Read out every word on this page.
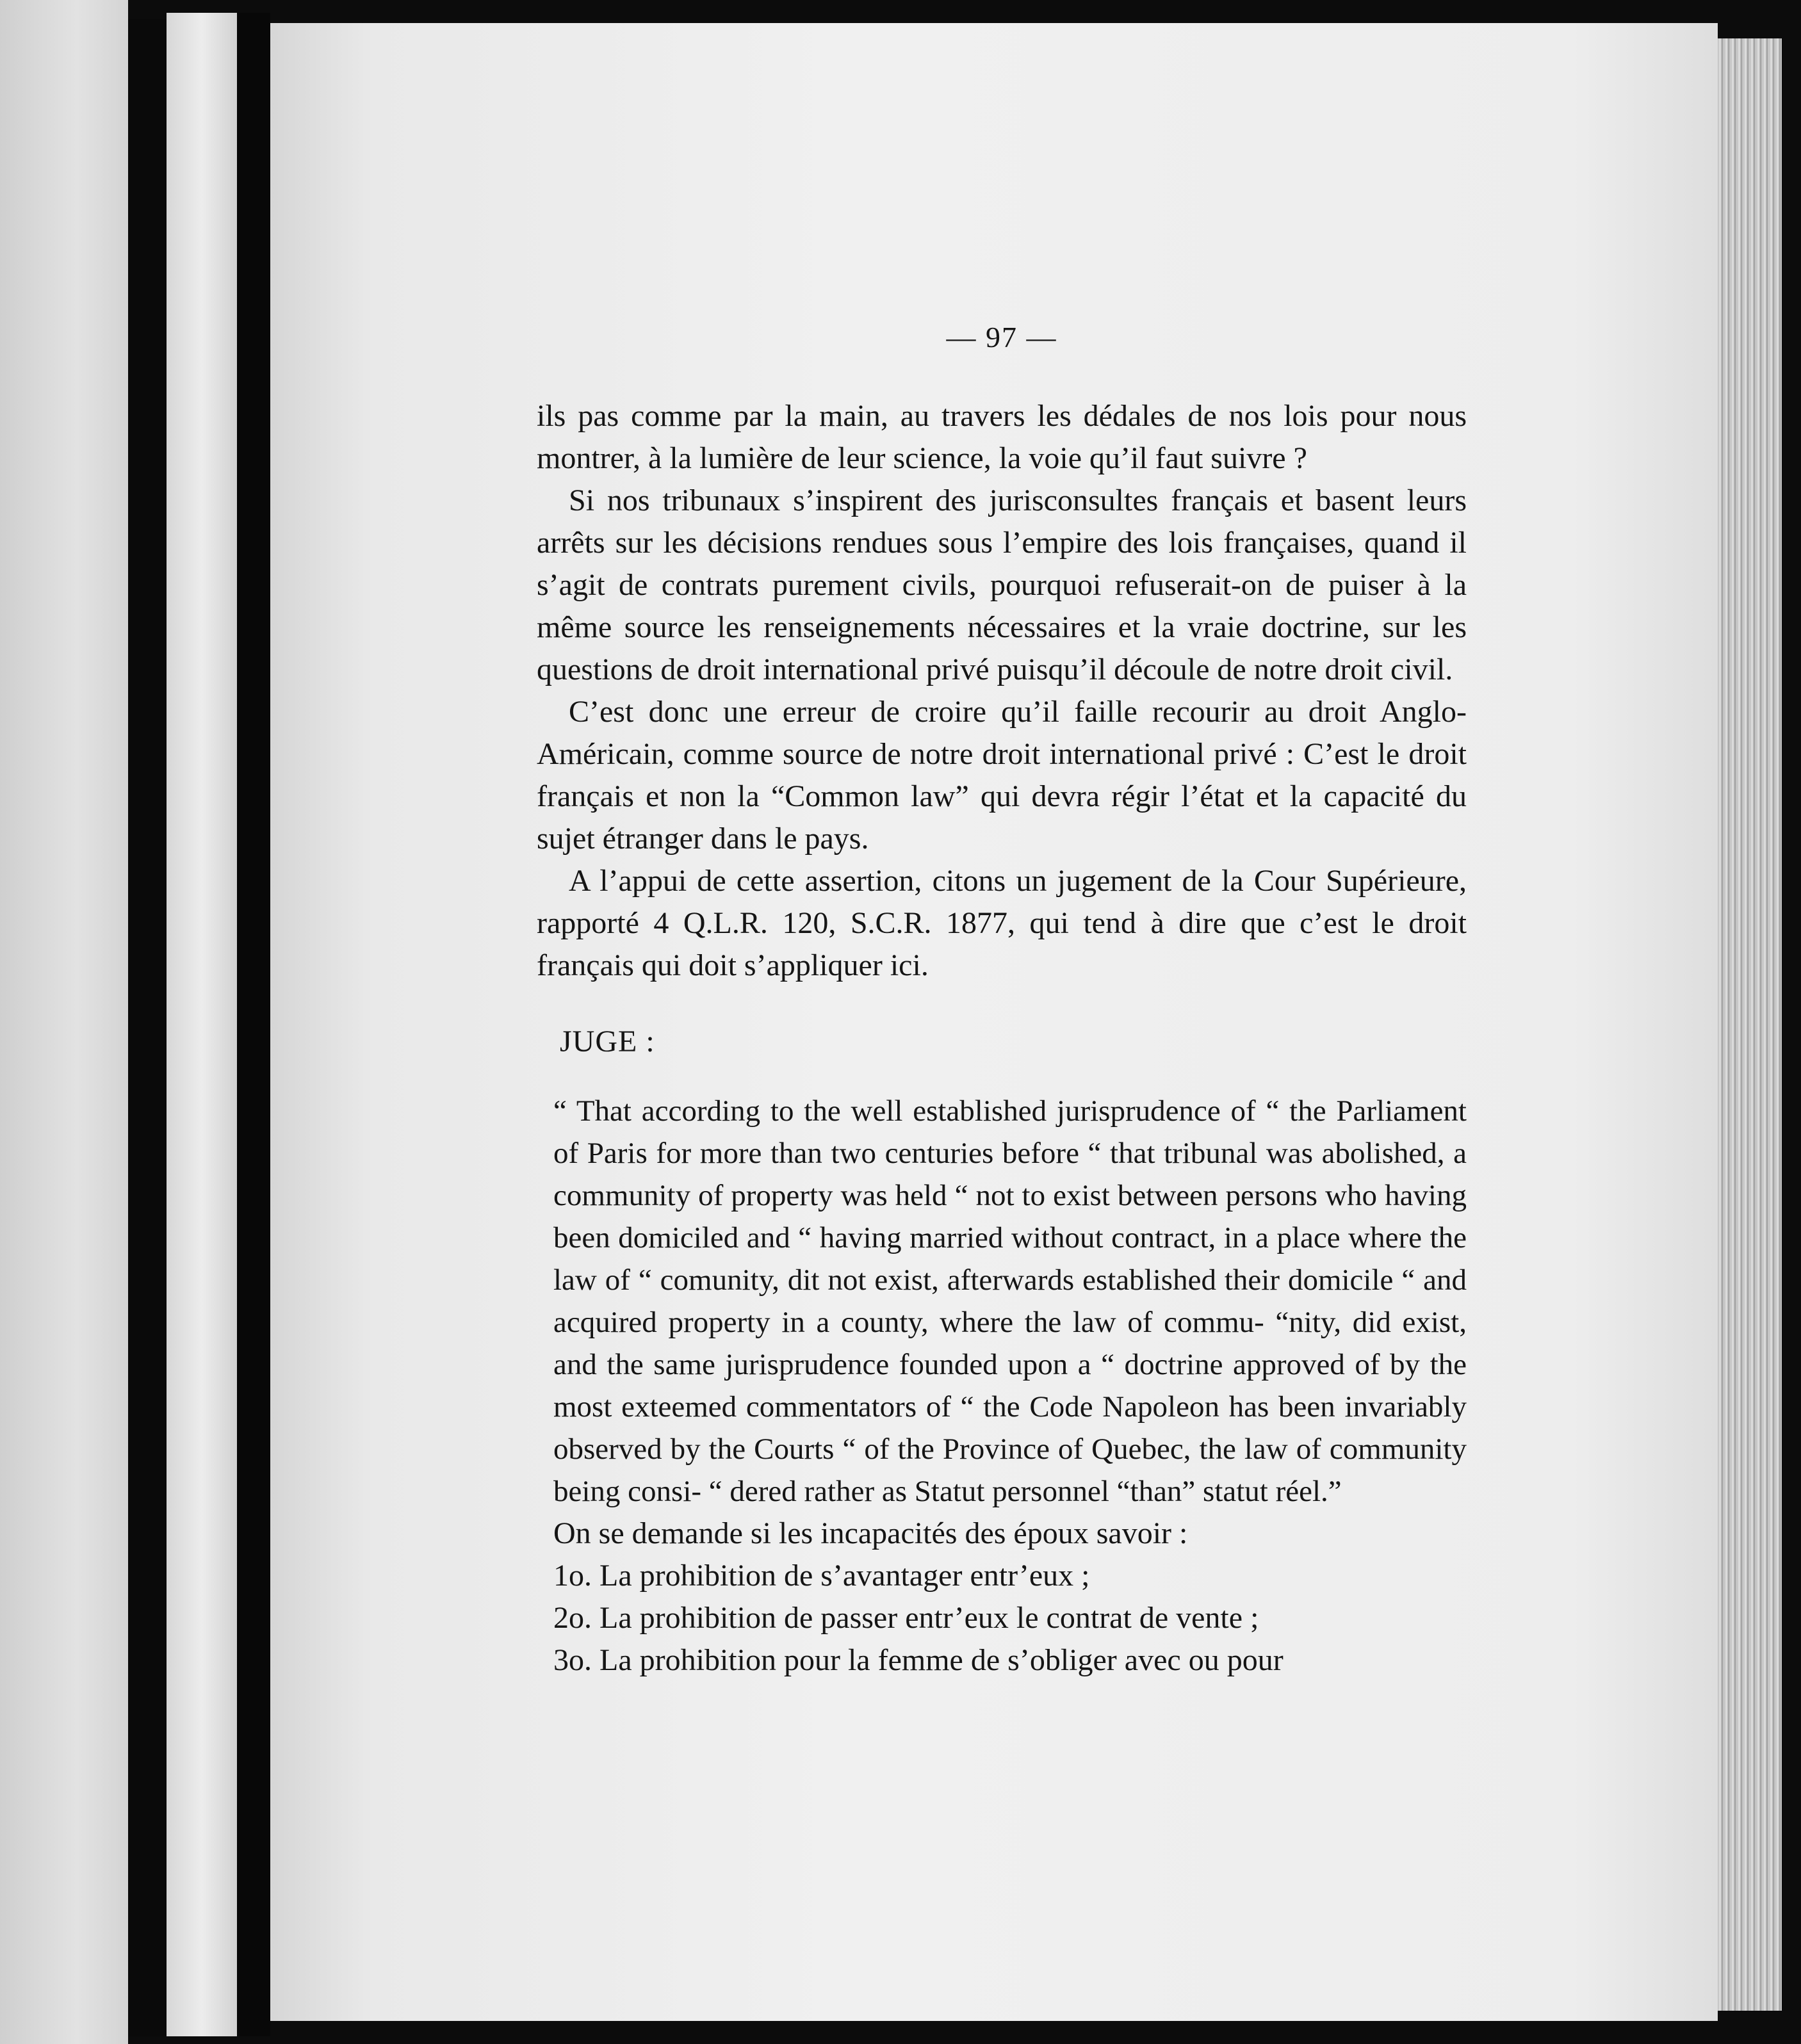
— 97 —

ils pas comme par la main, au travers les dédales de nos lois pour nous montrer, à la lumière de leur science, la voie qu’il faut suivre ?

Si nos tribunaux s’inspirent des jurisconsultes français et basent leurs arrêts sur les décisions rendues sous l’empire des lois françaises, quand il s’agit de contrats purement civils, pourquoi refuserait-on de puiser à la même source les renseignements nécessaires et la vraie doctrine, sur les questions de droit international privé puisqu’il découle de notre droit civil.

C’est donc une erreur de croire qu’il faille recourir au droit Anglo-Américain, comme source de notre droit international privé : C’est le droit français et non la “Common law” qui devra régir l’état et la capacité du sujet étranger dans le pays.

A l’appui de cette assertion, citons un jugement de la Cour Supérieure, rapporté 4 Q.L.R. 120, S.C.R. 1877, qui tend à dire que c’est le droit français qui doit s’appliquer ici.

JUGE :

“ That according to the well established jurisprudence of “ the Parliament of Paris for more than two centuries before “ that tribunal was abolished, a community of property was held “ not to exist between persons who having been domiciled and “ having married without contract, in a place where the law of “ comunity, dit not exist, afterwards established their domicile “ and acquired property in a county, where the law of commu- “nity, did exist, and the same jurisprudence founded upon a “ doctrine approved of by the most exteemed commentators of “ the Code Napoleon has been invariably observed by the Courts “ of the Province of Quebec, the law of community being consi- “ dered rather as Statut personnel “than” statut réel.”

On se demande si les incapacités des époux savoir :

1o. La prohibition de s’avantager entr’eux ;

2o. La prohibition de passer entr’eux le contrat de vente ;

3o. La prohibition pour la femme de s’obliger avec ou pour
